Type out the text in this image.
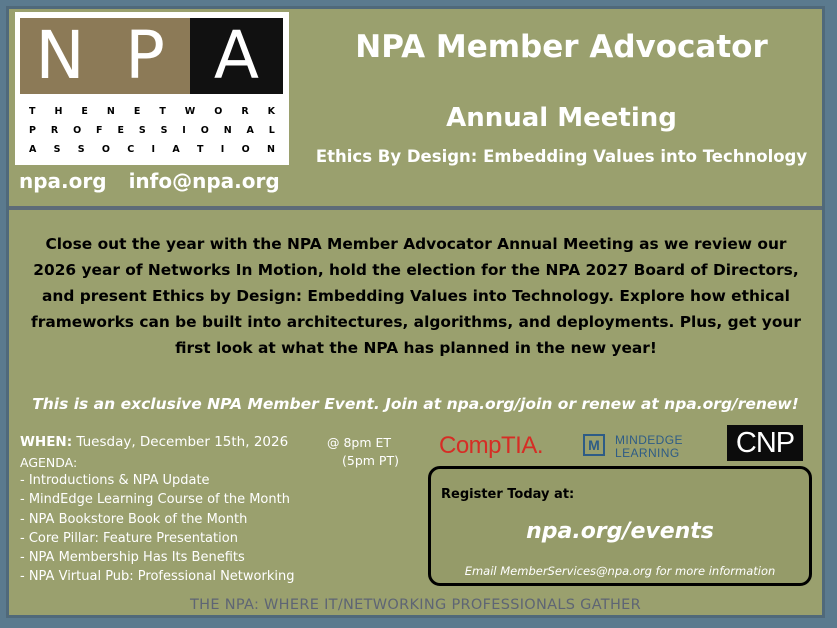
N P A
T H E N E T W O R K
P R O F E S S I O N A L
A S S O C I A T I O N
npa.org info@npa.org
NPA Member Advocator
Annual Meeting
Ethics By Design: Embedding Values into Technology
Close out the year with the NPA Member Advocator Annual Meeting as we review our
2026 year of Networks In Motion, hold the election for the NPA 2027 Board of Directors,
and present Ethics by Design: Embedding Values into Technology. Explore how ethical
frameworks can be built into architectures, algorithms, and deployments. Plus, get your
first look at what the NPA has planned in the new year!
This is an exclusive NPA Member Event. Join at npa.org/join or renew at npa.org/renew!
WHEN: Tuesday, December 15th, 2026	@ 8pm ET
(5pm PT)
AGENDA:
- Introductions & NPA Update
- MindEdge Learning Course of the Month
- NPA Bookstore Book of the Month
- Core Pillar: Feature Presentation
- NPA Membership Has Its Benefits
- NPA Virtual Pub: Professional Networking
CompTIA.	M	MINDEDGE
LEARNING	CNP
Register Today at:
npa.org/events
Email MemberServices@npa.org for more information
THE NPA: WHERE IT/NETWORKING PROFESSIONALS GATHER
